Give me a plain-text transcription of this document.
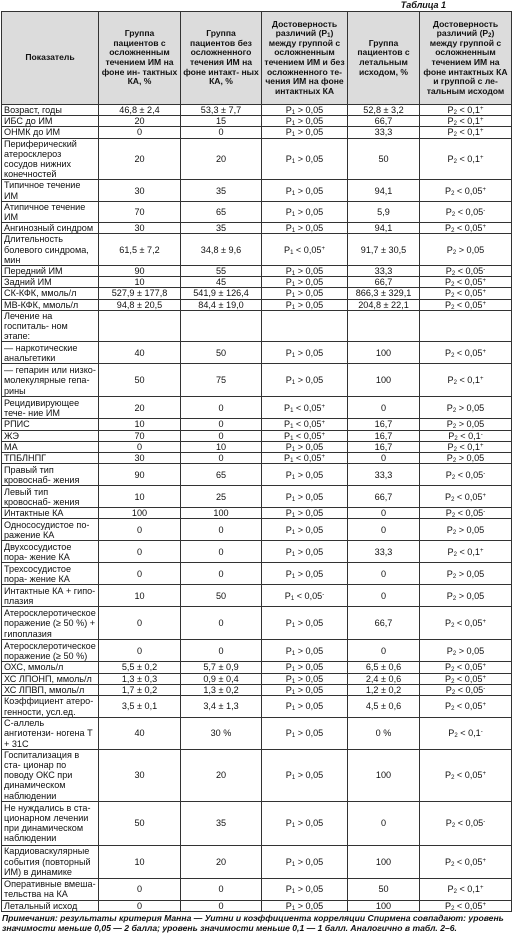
Таблица 1
Показатель	Группа пациентов с осложненным течением ИМ на фоне ин- тактных КА, %	Группа пациентов без осложненного течения ИМ на фоне интакт- ных КА, %	Достоверность различий $(P_1)$ между группой с осложненным течением ИМ и без осложненного те- чения ИМ на фоне интактных КА	Группа пациентов с летальным исходом, %	Достоверность различий $(P_2)$ между группой с осложненным течением ИМ на фоне интактных КА и группой с ле- тальным исходом
Возраст, годы	46,8 ± 2,4	53,3 ± 7,7	$P_1 > 0,05$	52,8 ± 3,2	$P_2 < 0,1^+$
ИБС до ИМ	20	15	$P_1 > 0,05$	66,7	$P_2 < 0,1^+$
ОНМК до ИМ	0	0	$P_1 > 0,05$	33,3	$P_2 < 0,1^+$
Периферический атеросклероз сосудов нижних конечностей	20	20	$P_1 > 0,05$	50	$P_2 < 0,1^+$
Типичное течение ИМ	30	35	$P_1 > 0,05$	94,1	$P_2 < 0,05^+$
Атипичное течение ИМ	70	65	$P_1 > 0,05$	5,9	$P_2 < 0,05^-$
Ангинозный синдром	30	35	$P_1 > 0,05$	94,1	$P_2 < 0,05^+$
Длительность болевого синдрома, мин	61,5 ± 7,2	34,8 ± 9,6	$P_1 < 0,05^+$	91,7 ± 30,5	$P_2 > 0,05$
Передний ИМ	90	55	$P_1 > 0,05$	33,3	$P_2 < 0,05^-$
Задний ИМ	10	45	$P_1 > 0,05$	66,7	$P_2 < 0,05^+$
СК-КФК, ммоль/л	527,9 ± 177,8	541,9 ± 126,4	$P_1 > 0,05$	866,3 ± 329,1	$P_2 < 0,05^+$
МВ-КФК, ммоль/л	94,8 ± 20,5	84,4 ± 19,0	$P_1 > 0,05$	204,8 ± 22,1	$P_2 < 0,05^+$
Лечение на госпиталь- ном этапе:					
— наркотические анальгетики	40	50	$P_1 > 0,05$	100	$P_2 < 0,05^+$
— гепарин или низко- молекулярные гепа- рины	50	75	$P_1 > 0,05$	100	$P_2 < 0,1^+$
Рецидивирующее тече- ние ИМ	20	0	$P_1 < 0,05^+$	0	$P_2 > 0,05$
РПИС	10	0	$P_1 < 0,05^+$	16,7	$P_2 > 0,05$
ЖЭ	70	0	$P_1 < 0,05^+$	16,7	$P_2 < 0,1^-$
МА	0	10	$P_1 > 0,05$	16,7	$P_2 < 0,1^+$
ТПБЛНПГ	30	0	$P_1 < 0,05^+$	0	$P_2 > 0,05$
Правый тип кровоснаб- жения	90	65	$P_1 > 0,05$	33,3	$P_2 < 0,05^-$
Левый тип кровоснаб- жения	10	25	$P_1 > 0,05$	66,7	$P_2 < 0,05^+$
Интактные КА	100	100	$P_1 > 0,05$	0	$P_2 < 0,05^-$
Однососудистое по- ражение КА	0	0	$P_1 > 0,05$	0	$P_2 > 0,05$
Двухсосудистое пора- жение КА	0	0	$P_1 > 0,05$	33,3	$P_2 < 0,1^+$
Трехсосудистое пора- жение КА	0	0	$P_1 > 0,05$	0	$P_2 > 0,05$
Интактные КА + гипо- плазия	10	50	$P_1 < 0,05^-$	0	$P_2 > 0,05$
Атеросклеротическое поражение (≥ 50 %) + гипоплазия	0	0	$P_1 > 0,05$	66,7	$P_2 < 0,05^+$
Атеросклеротическое поражение (≥ 50 %)	0	0	$P_1 > 0,05$	0	$P_2 > 0,05$
ОХС, ммоль/л	5,5 ± 0,2	5,7 ± 0,9	$P_1 > 0,05$	6,5 ± 0,6	$P_2 < 0,05^+$
ХС ЛПОНП, ммоль/л	1,3 ± 0,3	0,9 ± 0,4	$P_1 > 0,05$	2,4 ± 0,6	$P_2 < 0,05^+$
ХС ЛПВП, ммоль/л	1,7 ± 0,2	1,3 ± 0,2	$P_1 > 0,05$	1,2 ± 0,2	$P_2 < 0,05^-$
Коэффициент атеро- генности, усл.ед.	3,5 ± 0,1	3,4 ± 1,3	$P_1 > 0,05$	4,5 ± 0,6	$P_2 < 0,05^+$
С-аллель ангиотензи- ногена Т + 31С	40	30 %	$P_1 > 0,05$	0 %	$P_2 < 0,1^-$
Госпитализация в ста- ционар по поводу ОКС при динамическом наблюдении	30	20	$P_1 > 0,05$	100	$P_2 < 0,05^+$
Не нуждались в ста- ционарном лечении при динамическом наблюдении	50	35	$P_1 > 0,05$	0	$P_2 < 0,05^-$
Кардиоваскулярные события (повторный ИМ) в динамике	10	20	$P_1 > 0,05$	100	$P_2 < 0,05^+$
Оперативные вмеша- тельства на КА	0	0	$P_1 > 0,05$	50	$P_2 < 0,1^+$
Летальный исход	0	0	$P_1 > 0,05$	100	$P_2 < 0,05^+$
Примечания: результаты критерия Манна — Уитни и коэффициента корреляции Спирмена совпадают: уровень значимости меньше 0,05 — 2 балла; уровень значимости меньше 0,1 — 1 балл. Аналогично в табл. 2–6.
